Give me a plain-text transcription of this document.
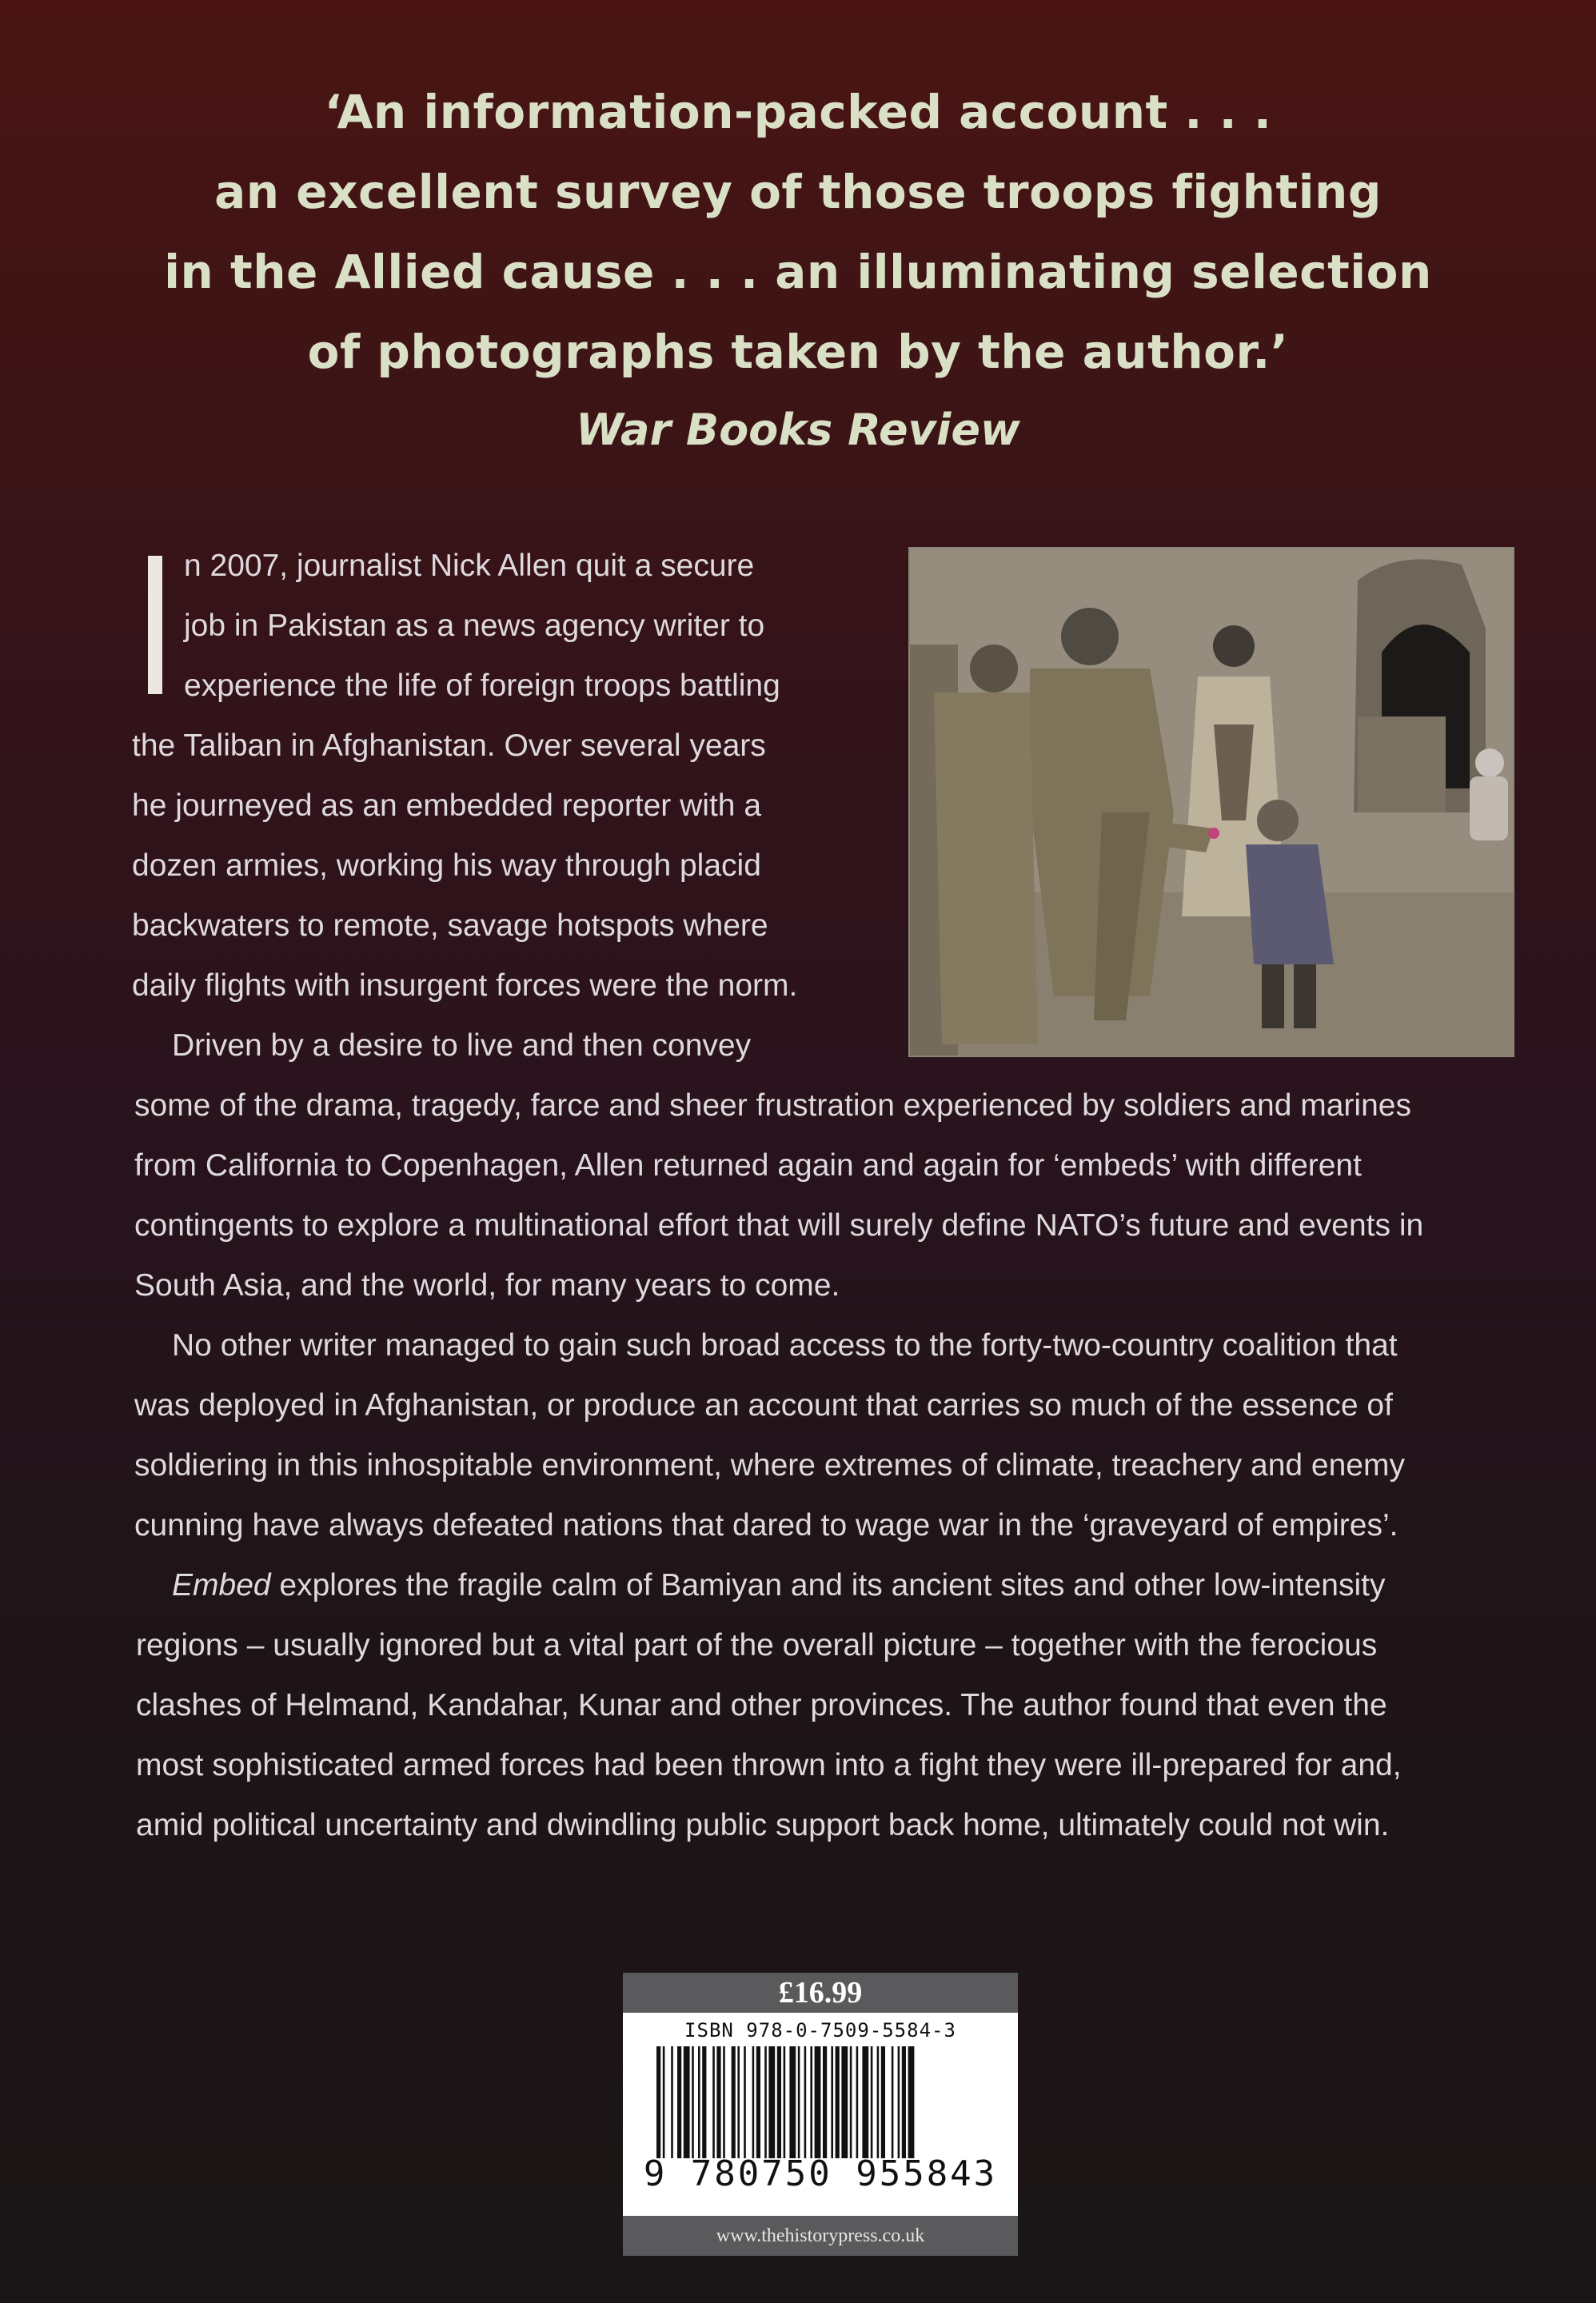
‘An information-packed account . . .
an excellent survey of those troops fighting
in the Allied cause . . . an illuminating selection
of photographs taken by the author.’
War Books Review
n 2007, journalist Nick Allen quit a secure
job in Pakistan as a news agency writer to
experience the life of foreign troops battling
the Taliban in Afghanistan. Over several years
he journeyed as an embedded reporter with a
dozen armies, working his way through placid
backwaters to remote, savage hotspots where
daily flights with insurgent forces were the norm.
Driven by a desire to live and then convey
some of the drama, tragedy, farce and sheer frustration experienced by soldiers and marines
from California to Copenhagen, Allen returned again and again for ‘embeds’ with different
contingents to explore a multinational effort that will surely define NATO’s future and events in
South Asia, and the world, for many years to come.
No other writer managed to gain such broad access to the forty-two-country coalition that
was deployed in Afghanistan, or produce an account that carries so much of the essence of
soldiering in this inhospitable environment, where extremes of climate, treachery and enemy
cunning have always defeated nations that dared to wage war in the ‘graveyard of empires’.
Embed explores the fragile calm of Bamiyan and its ancient sites and other low-intensity
regions – usually ignored but a vital part of the overall picture – together with the ferocious
clashes of Helmand, Kandahar, Kunar and other provinces. The author found that even the
most sophisticated armed forces had been thrown into a fight they were ill-prepared for and,
amid political uncertainty and dwindling public support back home, ultimately could not win.
£16.99
ISBN 978-0-7509-5584-3
9 780750 955843
www.thehistorypress.co.uk
